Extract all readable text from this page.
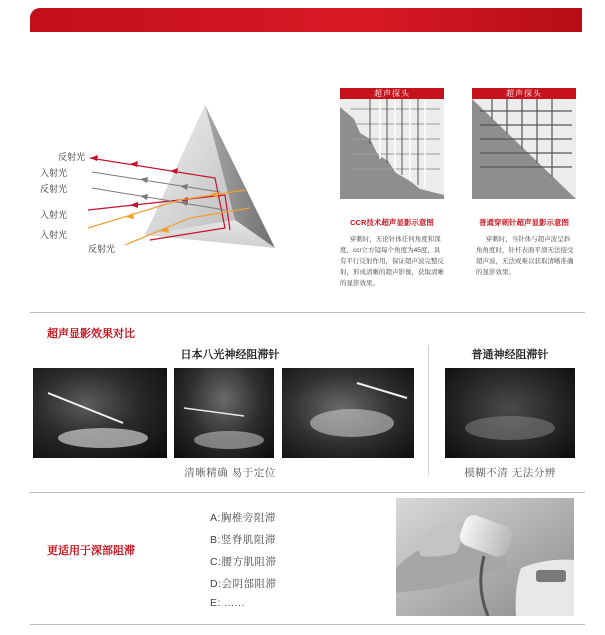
反射光
入射光
反射光
入射光
入射光
反射光
超声探头
CCR技术超声显影示意图
穿刺时，无论针体任何角度和深度，ccr立方镜每个角度为45度，具有平行反射作用，保证超声波完整反射，形成清晰的超声影像，获取清晰的显影效果。
超声探头
普通穿刺针超声显影示意图
穿刺时，当针体与超声波呈斜角角度时，针杆表面平滑无法接受超声波，无法或难以获取清晰准确的显影效果。
超声显影效果对比
日本八光神经阻滞针	普通神经阻滞针
清晰精确 易于定位	模糊不清 无法分辨
更适用于深部阻滞
A:胸椎旁阻滞
B:竖脊肌阻滞
C:腰方肌阻滞
D:会阴部阻滞
E: ......
